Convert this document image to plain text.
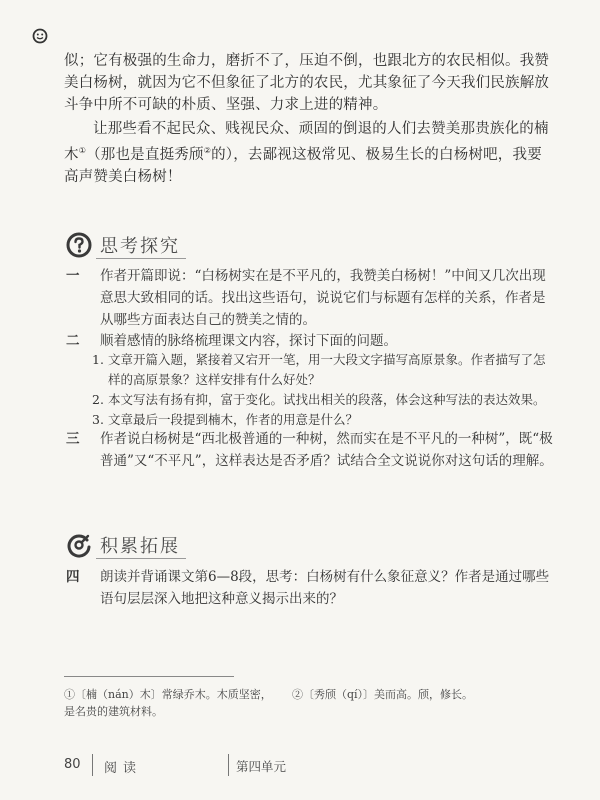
似；它有极强的生命力，磨折不了，压迫不倒，也跟北方的农民相似。我赞美白杨树，就因为它不但象征了北方的农民，尤其象征了今天我们民族解放斗争中所不可缺的朴质、坚强、力求上进的精神。
让那些看不起民众、贱视民众、顽固的倒退的人们去赞美那贵族化的楠木①（那也是直挺秀颀②的），去鄙视这极常见、极易生长的白杨树吧，我要高声赞美白杨树！
思考探究
一 作者开篇即说：“白杨树实在是不平凡的，我赞美白杨树！”中间又几次出现意思大致相同的话。找出这些语句，说说它们与标题有怎样的关系，作者是从哪些方面表达自己的赞美之情的。
二 顺着感情的脉络梳理课文内容，探讨下面的问题。
1. 文章开篇入题，紧接着又宕开一笔，用一大段文字描写高原景象。作者描写了怎样的高原景象？这样安排有什么好处？
2. 本文写法有扬有抑，富于变化。试找出相关的段落，体会这种写法的表达效果。
3. 文章最后一段提到楠木，作者的用意是什么？
三 作者说白杨树是“西北极普通的一种树，然而实在是不平凡的一种树”，既“极普通”又“不平凡”，这样表达是否矛盾？试结合全文说说你对这句话的理解。
积累拓展
四 朗读并背诵课文第6—8段，思考：白杨树有什么象征意义？作者是通过哪些语句层层深入地把这种意义揭示出来的？
①〔楠（nán）木〕常绿乔木。木质坚密，是名贵的建筑材料。
②〔秀颀（qí）〕美而高。颀，修长。
80 阅读	第四单元
